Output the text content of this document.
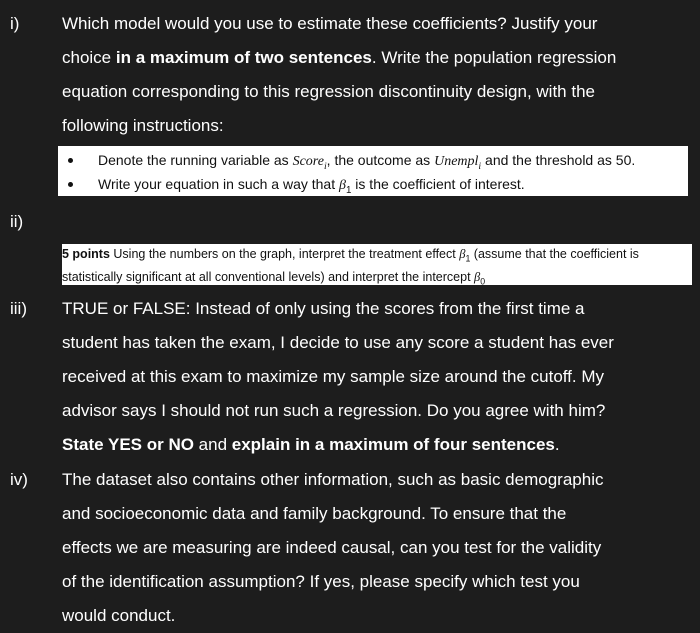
i)	Which model would you use to estimate these coefficients? Justify your
choice in a maximum of two sentences. Write the population regression
equation corresponding to this regression discontinuity design, with the
following instructions:
Denote the running variable as Score$_i$, the outcome as Unempl$_i$ and the threshold as 50.
Write your equation in such a way that $\beta_1$ is the coefficient of interest.
ii)
5 points Using the numbers on the graph, interpret the treatment effect $\beta_1$ (assume that the coefficient is
statistically significant at all conventional levels) and interpret the intercept $\beta_0$
iii) TRUE or FALSE: Instead of only using the scores from the first time a
student has taken the exam, I decide to use any score a student has ever
received at this exam to maximize my sample size around the cutoff. My
advisor says I should not run such a regression. Do you agree with him?
State YES or NO and explain in a maximum of four sentences.
iv) The dataset also contains other information, such as basic demographic
and socioeconomic data and family background. To ensure that the
effects we are measuring are indeed causal, can you test for the validity
of the identification assumption? If yes, please specify which test you
would conduct.
